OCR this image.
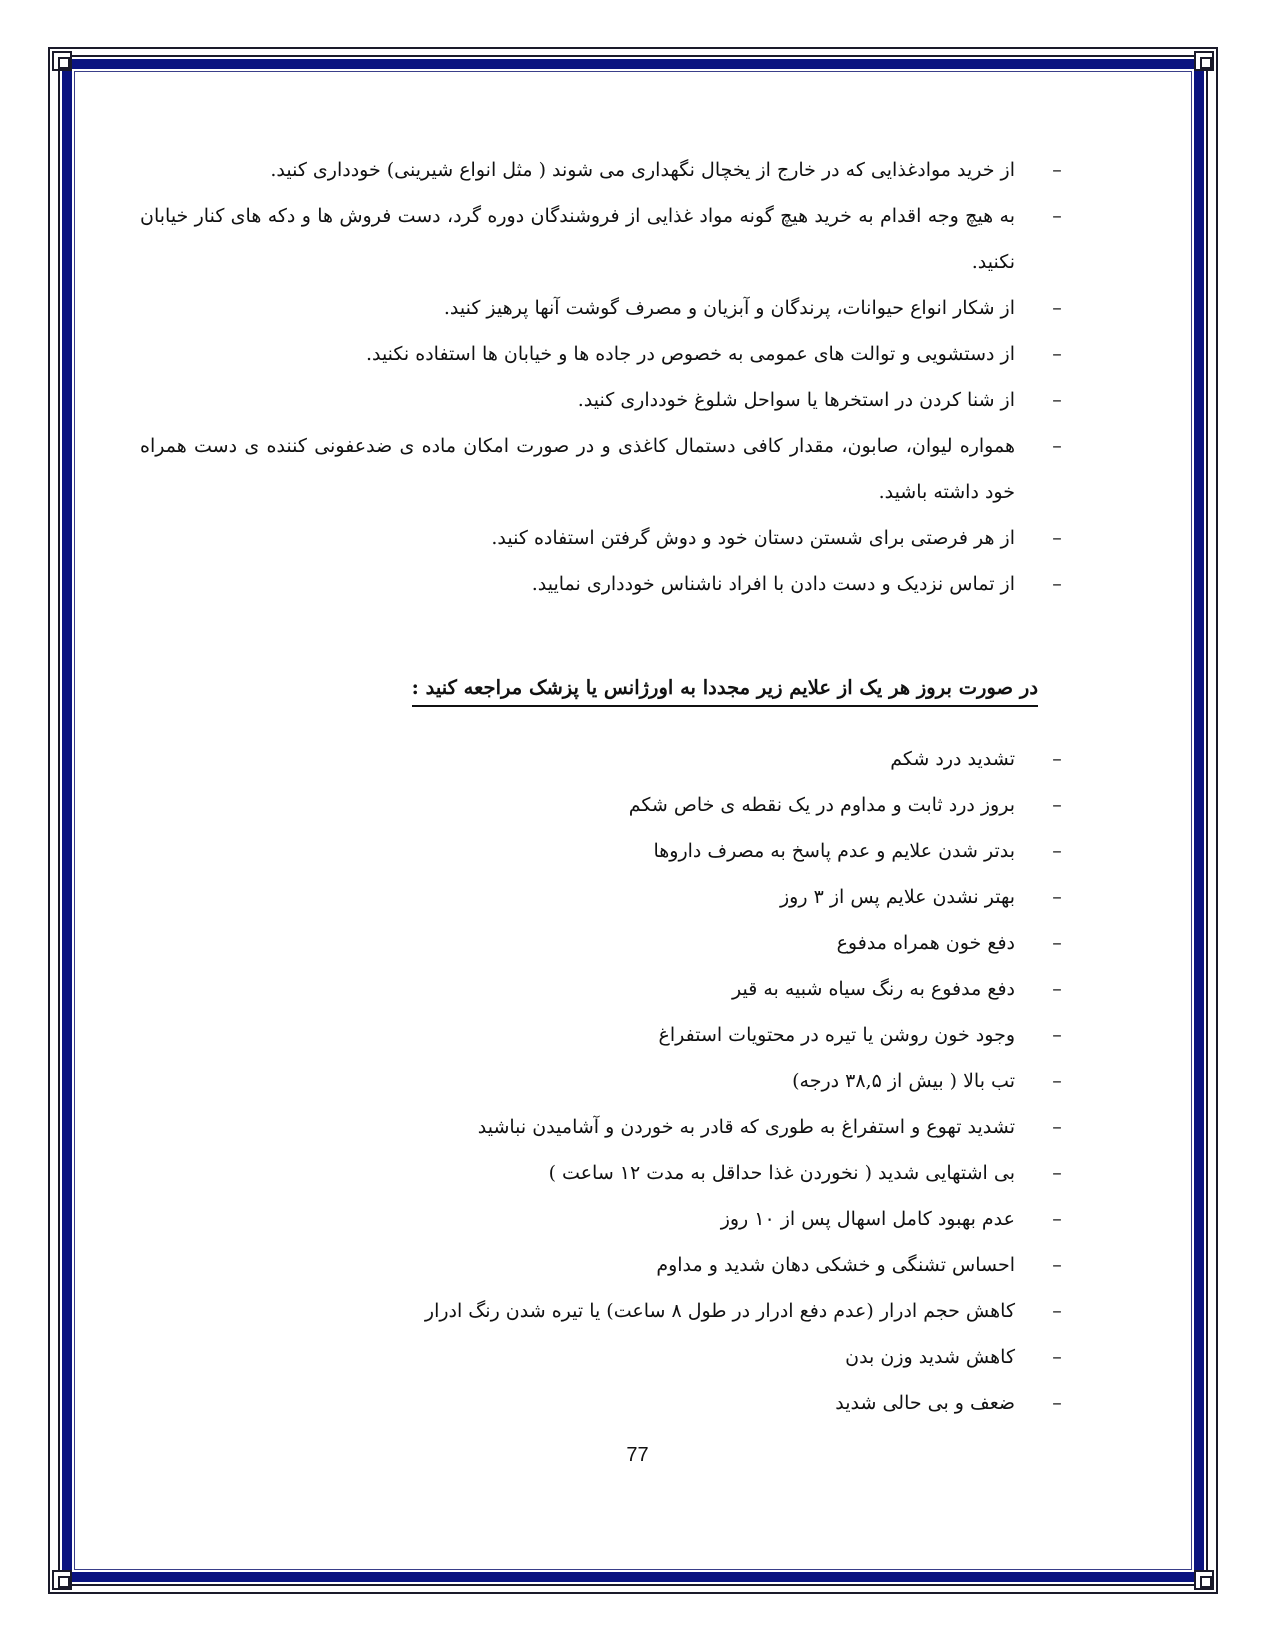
–
از خرید موادغذایی که در خارج از یخچال نگهداری می شوند ( مثل انواع شیرینی) خودداری کنید.
–
به هیچ وجه اقدام به خرید هیچ گونه مواد غذایی از فروشندگان دوره گرد، دست فروش ها و دکه های کنار خیابان نکنید.
–
از شکار انواع حیوانات، پرندگان و آبزیان و مصرف گوشت آنها پرهیز کنید.
–
از دستشویی و توالت های عمومی به خصوص در جاده ها و خیابان ها استفاده نکنید.
–
از شنا کردن در استخرها یا سواحل شلوغ خودداری کنید.
–
همواره لیوان، صابون، مقدار کافی دستمال کاغذی و در صورت امکان ماده ی ضدعفونی کننده ی دست همراه خود داشته باشید.
–
از هر فرصتی برای شستن دستان خود و دوش گرفتن استفاده کنید.
–
از تماس نزدیک و دست دادن با افراد ناشناس خودداری نمایید.
در صورت بروز هر یک از علایم زیر مجددا به اورژانس یا پزشک مراجعه کنید :
–
تشدید درد شکم
–
بروز درد ثابت و مداوم در یک نقطه ی خاص شکم
–
بدتر شدن علایم و عدم پاسخ به مصرف داروها
–
بهتر نشدن علایم پس از ۳ روز
–
دفع خون همراه مدفوع
–
دفع مدفوع به رنگ سیاه شبیه به قیر
–
وجود خون روشن یا تیره در محتویات استفراغ
–
تب بالا ( بیش از ۳۸,۵ درجه)
–
تشدید تهوع و استفراغ به طوری که قادر به خوردن و آشامیدن نباشید
–
بی اشتهایی شدید ( نخوردن غذا حداقل به مدت ۱۲ ساعت )
–
عدم بهبود کامل اسهال پس از ۱۰ روز
–
احساس تشنگی و خشکی دهان شدید و مداوم
–
کاهش حجم ادرار (عدم دفع ادرار در طول ۸ ساعت) یا تیره شدن رنگ ادرار
–
کاهش شدید وزن بدن
–
ضعف و بی حالی شدید
77
